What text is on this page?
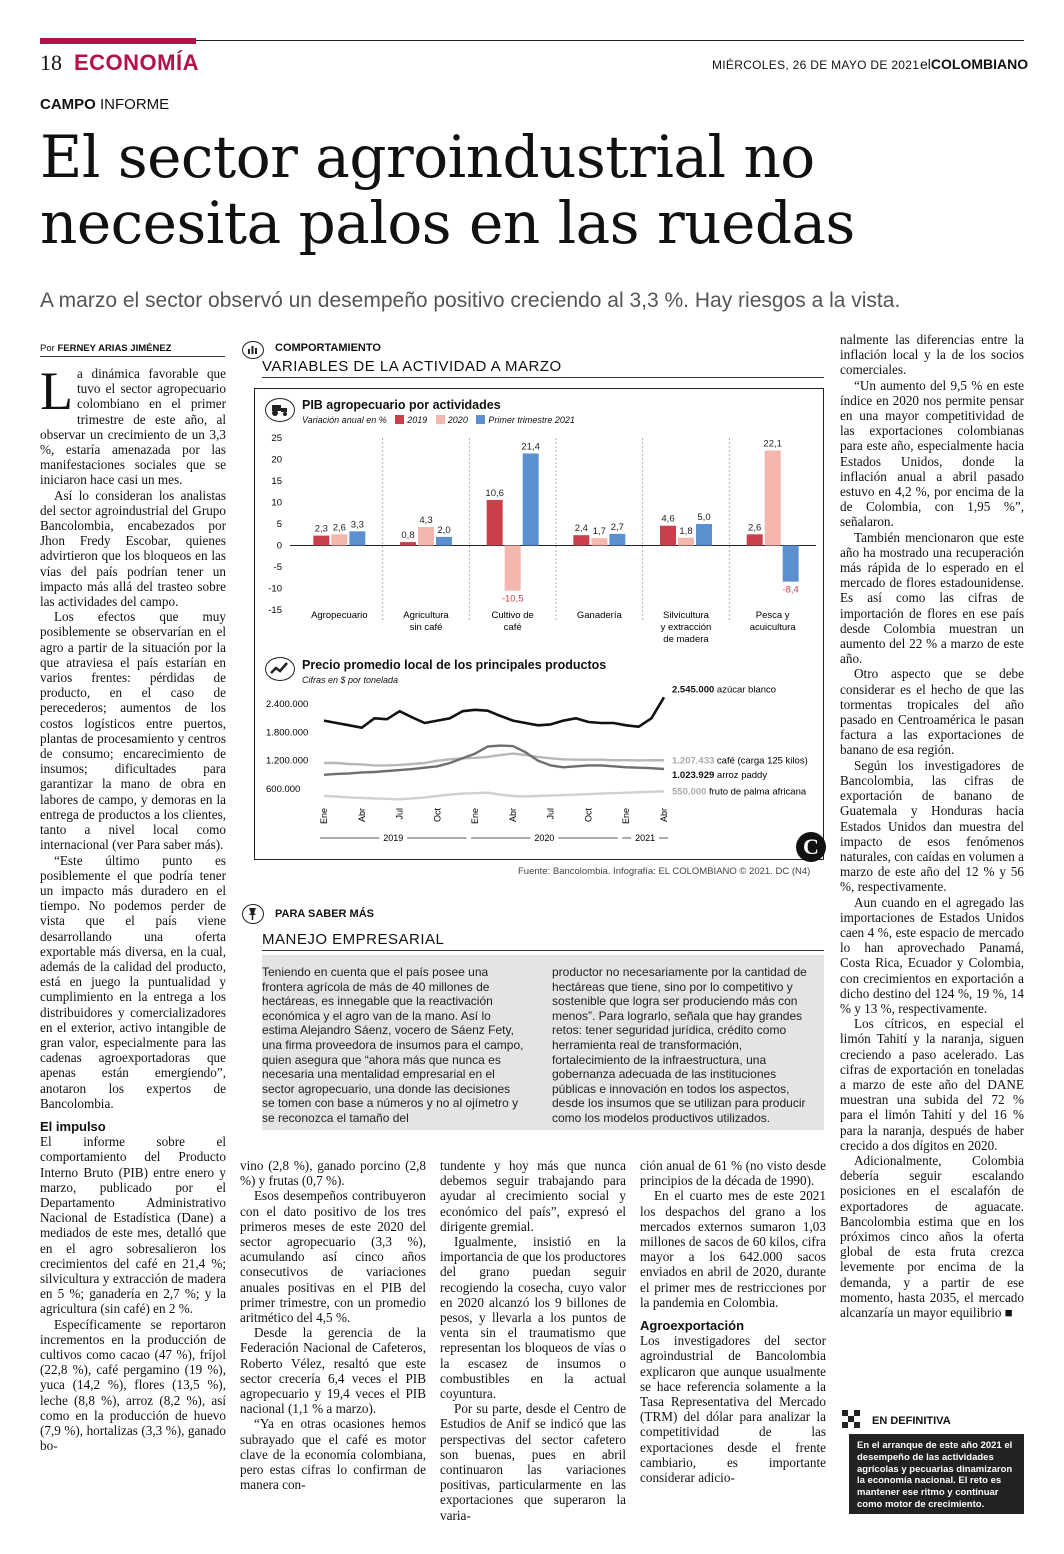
18 ECONOMÍA	MIÉRCOLES, 26 DE MAYO DE 2021 elCOLOMBIANO
CAMPO INFORME
El sector agroindustrial no
necesita palos en las ruedas
A marzo el sector observó un desempeño positivo creciendo al 3,3 %. Hay riesgos a la vista.
Por FERNEY ARIAS JIMÉNEZ
La dinámica favorable que tuvo el sector agropecuario colombiano en el primer trimestre de este año, al observar un crecimiento de un 3,3 %, estaría amenazada por las manifestaciones sociales que se iniciaron hace casi un mes.

Así lo consideran los analistas del sector agroindustrial del Grupo Bancolombia, encabezados por Jhon Fredy Escobar, quienes advirtieron que los bloqueos en las vías del país podrían tener un impacto más allá del trasteo sobre las actividades del campo.

Los efectos que muy posiblemente se observarían en el agro a partir de la situación por la que atraviesa el país estarían en varios frentes: pérdidas de producto, en el caso de perecederos; aumentos de los costos logísticos entre puertos, plantas de procesamiento y centros de consumo; encarecimiento de insumos; dificultades para garantizar la mano de obra en labores de campo, y demoras en la entrega de productos a los clientes, tanto a nivel local como internacional (ver Para saber más).

“Este último punto es posiblemente el que podría tener un impacto más duradero en el tiempo. No podemos perder de vista que el país viene desarrollando una oferta exportable más diversa, en la cual, además de la calidad del producto, está en juego la puntualidad y cumplimiento en la entrega a los distribuidores y comercializadores en el exterior, activo intangible de gran valor, especialmente para las cadenas agroexportadoras que apenas están emergiendo”, anotaron los expertos de Bancolombia.

El impulso
El informe sobre el comportamiento del Producto Interno Bruto (PIB) entre enero y marzo, publicado por el Departamento Administrativo Nacional de Estadística (Dane) a mediados de este mes, detalló que en el agro sobresalieron los crecimientos del café en 21,4 %; silvicultura y extracción de madera en 5 %; ganadería en 2,7 %; y la agricultura (sin café) en 2 %.

Específicamente se reportaron incrementos en la producción de cultivos como cacao (47 %), fríjol (22,8 %), café pergamino (19 %), yuca (14,2 %), flores (13,5 %), leche (8,8 %), arroz (8,2 %), así como en la producción de huevo (7,9 %), hortalizas (3,3 %), ganado bo-

COMPORTAMIENTO
VARIABLES DE LA ACTIVIDAD A MARZO
PIB agropecuario por actividades
Variación anual en % 2019 2020 Primer trimestre 2021
25
20
15
10
5
0
-5
-10
-15
2,3 2,6 3,3
Agropecuario
0,8
4,3
2,0
Agricultura
sin café
10,6
-10,5
21,4
Cultivo de
café
2,4 1,7 2,7
Ganadería
4,6
1,8
5,0
Silvicultura
y extracción
de madera
2,6
22,1
-8,4
Pesca y
acuicultura
Precio promedio local de los principales productos
Cifras en $ por tonelada
2.400.000
1.800.000
1.200.000
600.000
2.545.000 azúcar blanco
1.207.433 café (carga 125 kilos)
1.023.929 arroz paddy
550.000 fruto de palma africana
Ene	Abr	Jul	Oct	Ene	Abr	Jul	Oct	Ene	Abr
2019	2020	2021	C
Fuente: Bancolombia. Infografía: EL COLOMBIANO © 2021. DC (N4)
PARA SABER MÁS
MANEJO EMPRESARIAL
Teniendo en cuenta que el país posee una frontera agrícola de más de 40 millones de hectáreas, es innegable que la reactivación económica y el agro van de la mano. Así lo estima Alejandro Sáenz, vocero de Sáenz Fety, una firma proveedora de insumos para el campo, quien asegura que “ahora más que nunca es necesaria una mentalidad empresarial en el sector agropecuario, una donde las decisiones se tomen con base a números y no al ojímetro y se reconozca el tamaño del
productor no necesariamente por la cantidad de hectáreas que tiene, sino por lo competitivo y sostenible que logra ser produciendo más con menos”. Para lograrlo, señala que hay grandes retos: tener seguridad jurídica, crédito como herramienta real de transformación, fortalecimiento de la infraestructura, una gobernanza adecuada de las instituciones públicas e innovación en todos los aspectos, desde los insumos que se utilizan para producir como los modelos productivos utilizados.
vino (2,8 %), ganado porcino (2,8 %) y frutas (0,7 %).

Esos desempeños contribuyeron con el dato positivo de los tres primeros meses de este 2020 del sector agropecuario (3,3 %), acumulando así cinco años consecutivos de variaciones anuales positivas en el PIB del primer trimestre, con un promedio aritmético del 4,5 %.

Desde la gerencia de la Federación Nacional de Cafeteros, Roberto Vélez, resaltó que este sector crecería 6,4 veces el PIB agropecuario y 19,4 veces el PIB nacional (1,1 % a marzo).

“Ya en otras ocasiones hemos subrayado que el café es motor clave de la economía colombiana, pero estas cifras lo confirman de manera con-

tundente y hoy más que nunca debemos seguir trabajando para ayudar al crecimiento social y económico del país”, expresó el dirigente gremial.

Igualmente, insistió en la importancia de que los productores del grano puedan seguir recogiendo la cosecha, cuyo valor en 2020 alcanzó los 9 billones de pesos, y llevarla a los puntos de venta sin el traumatismo que representan los bloqueos de vías o la escasez de insumos o combustibles en la actual coyuntura.

Por su parte, desde el Centro de Estudios de Anif se indicó que las perspectivas del sector cafetero son buenas, pues en abril continuaron las variaciones positivas, particularmente en las exportaciones que superaron la varia-

ción anual de 61 % (no visto desde principios de la década de 1990).

En el cuarto mes de este 2021 los despachos del grano a los mercados externos sumaron 1,03 millones de sacos de 60 kilos, cifra mayor a los 642.000 sacos enviados en abril de 2020, durante el primer mes de restricciones por la pandemia en Colombia.

Agroexportación
Los investigadores del sector agroindustrial de Bancolombia explicaron que aunque usualmente se hace referencia solamente a la Tasa Representativa del Mercado (TRM) del dólar para analizar la competitividad de las exportaciones desde el frente cambiario, es importante considerar adicio-
nalmente las diferencias entre la inflación local y la de los socios comerciales.

“Un aumento del 9,5 % en este índice en 2020 nos permite pensar en una mayor competitividad de las exportaciones colombianas para este año, especialmente hacia Estados Unidos, donde la inflación anual a abril pasado estuvo en 4,2 %, por encima de la de Colombia, con 1,95 %”, señalaron.

También mencionaron que este año ha mostrado una recuperación más rápida de lo esperado en el mercado de flores estadounidense. Es así como las cifras de importación de flores en ese país desde Colombia muestran un aumento del 22 % a marzo de este año.

Otro aspecto que se debe considerar es el hecho de que las tormentas tropicales del año pasado en Centroamérica le pasan factura a las exportaciones de banano de esa región.

Según los investigadores de Bancolombia, las cifras de exportación de banano de Guatemala y Honduras hacia Estados Unidos dan muestra del impacto de esos fenómenos naturales, con caídas en volumen a marzo de este año del 12 % y 56 %, respectivamente.

Aun cuando en el agregado las importaciones de Estados Unidos caen 4 %, este espacio de mercado lo han aprovechado Panamá, Costa Rica, Ecuador y Colombia, con crecimientos en exportación a dicho destino del 124 %, 19 %, 14 % y 13 %, respectivamente.

Los cítricos, en especial el limón Tahití y la naranja, siguen creciendo a paso acelerado. Las cifras de exportación en toneladas a marzo de este año del DANE muestran una subida del 72 % para el limón Tahití y del 16 % para la naranja, después de haber crecido a dos dígitos en 2020.

Adicionalmente, Colombia debería seguir escalando posiciones en el escalafón de exportadores de aguacate. Bancolombia estima que en los próximos cinco años la oferta global de esta fruta crezca levemente por encima de la demanda, y a partir de ese momento, hasta 2035, el mercado alcanzaría un mayor equilibrio ■

EN DEFINITIVA
En el arranque de este año 2021 el desempeño de las actividades agrícolas y pecuarias dinamizaron la economía nacional. El reto es mantener ese ritmo y continuar como motor de crecimiento.
